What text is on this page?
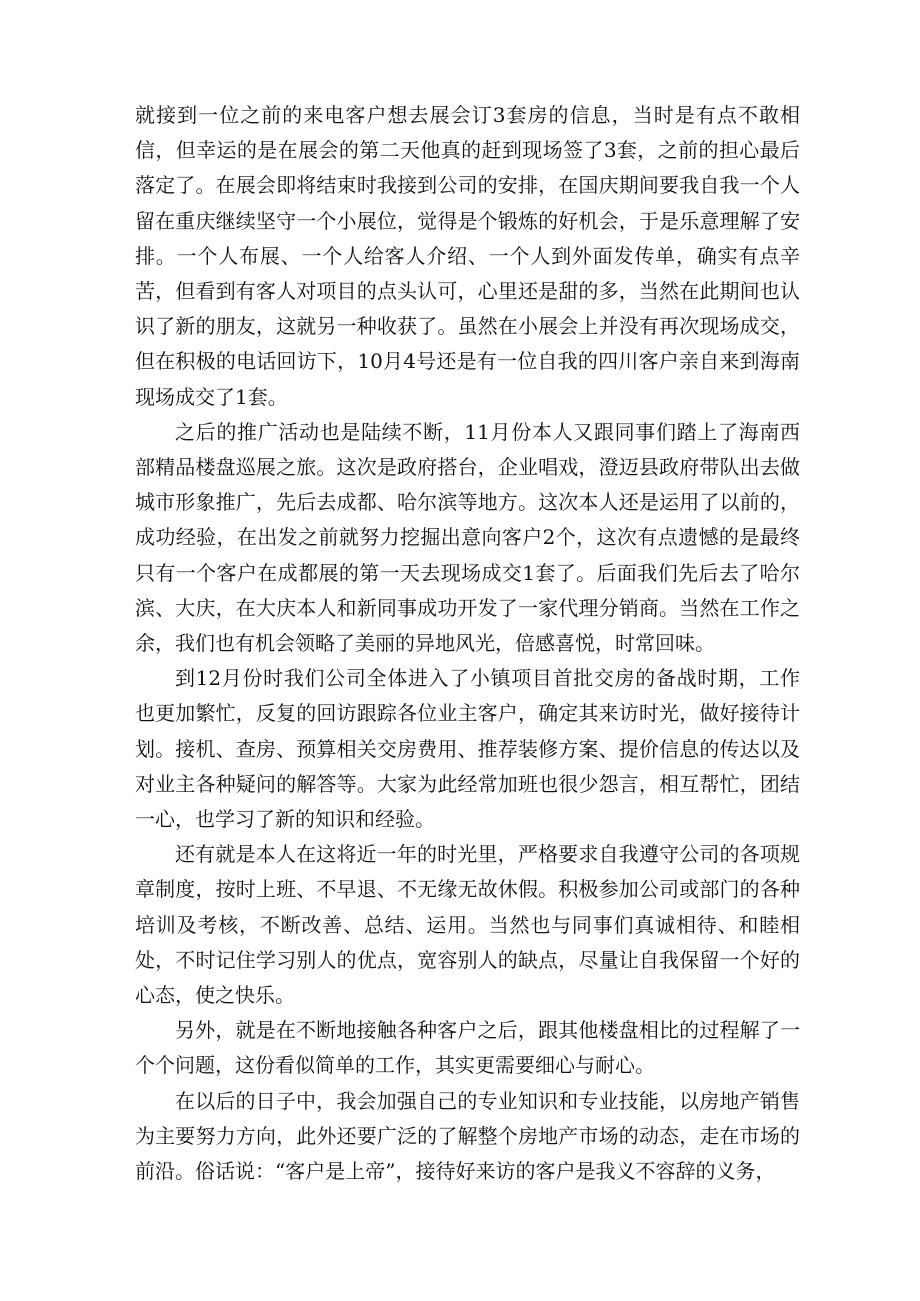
就接到一位之前的来电客户想去展会订3套房的信息，当时是有点不敢相信，但幸运的是在展会的第二天他真的赶到现场签了3套，之前的担心最后落定了。在展会即将结束时我接到公司的安排，在国庆期间要我自我一个人留在重庆继续坚守一个小展位，觉得是个锻炼的好机会，于是乐意理解了安排。一个人布展、一个人给客人介绍、一个人到外面发传单，确实有点辛苦，但看到有客人对项目的点头认可，心里还是甜的多，当然在此期间也认识了新的朋友，这就另一种收获了。虽然在小展会上并没有再次现场成交，但在积极的电话回访下，10月4号还是有一位自我的四川客户亲自来到海南现场成交了1套。

之后的推广活动也是陆续不断，11月份本人又跟同事们踏上了海南西部精品楼盘巡展之旅。这次是政府搭台，企业唱戏，澄迈县政府带队出去做城市形象推广，先后去成都、哈尔滨等地方。这次本人还是运用了以前的，成功经验，在出发之前就努力挖掘出意向客户2个，这次有点遗憾的是最终只有一个客户在成都展的第一天去现场成交1套了。后面我们先后去了哈尔滨、大庆，在大庆本人和新同事成功开发了一家代理分销商。当然在工作之余，我们也有机会领略了美丽的异地风光，倍感喜悦，时常回味。

到12月份时我们公司全体进入了小镇项目首批交房的备战时期，工作也更加繁忙，反复的回访跟踪各位业主客户，确定其来访时光，做好接待计划。接机、查房、预算相关交房费用、推荐装修方案、提价信息的传达以及对业主各种疑问的解答等。大家为此经常加班也很少怨言，相互帮忙，团结一心，也学习了新的知识和经验。

还有就是本人在这将近一年的时光里，严格要求自我遵守公司的各项规章制度，按时上班、不早退、不无缘无故休假。积极参加公司或部门的各种培训及考核，不断改善、总结、运用。当然也与同事们真诚相待、和睦相处，不时记住学习别人的优点，宽容别人的缺点，尽量让自我保留一个好的心态，使之快乐。

另外，就是在不断地接触各种客户之后，跟其他楼盘相比的过程解了一个个问题，这份看似简单的工作，其实更需要细心与耐心。

在以后的日子中，我会加强自己的专业知识和专业技能，以房地产销售为主要努力方向，此外还要广泛的了解整个房地产市场的动态，走在市场的前沿。俗话说：“客户是上帝”，接待好来访的客户是我义不容辞的义务，
